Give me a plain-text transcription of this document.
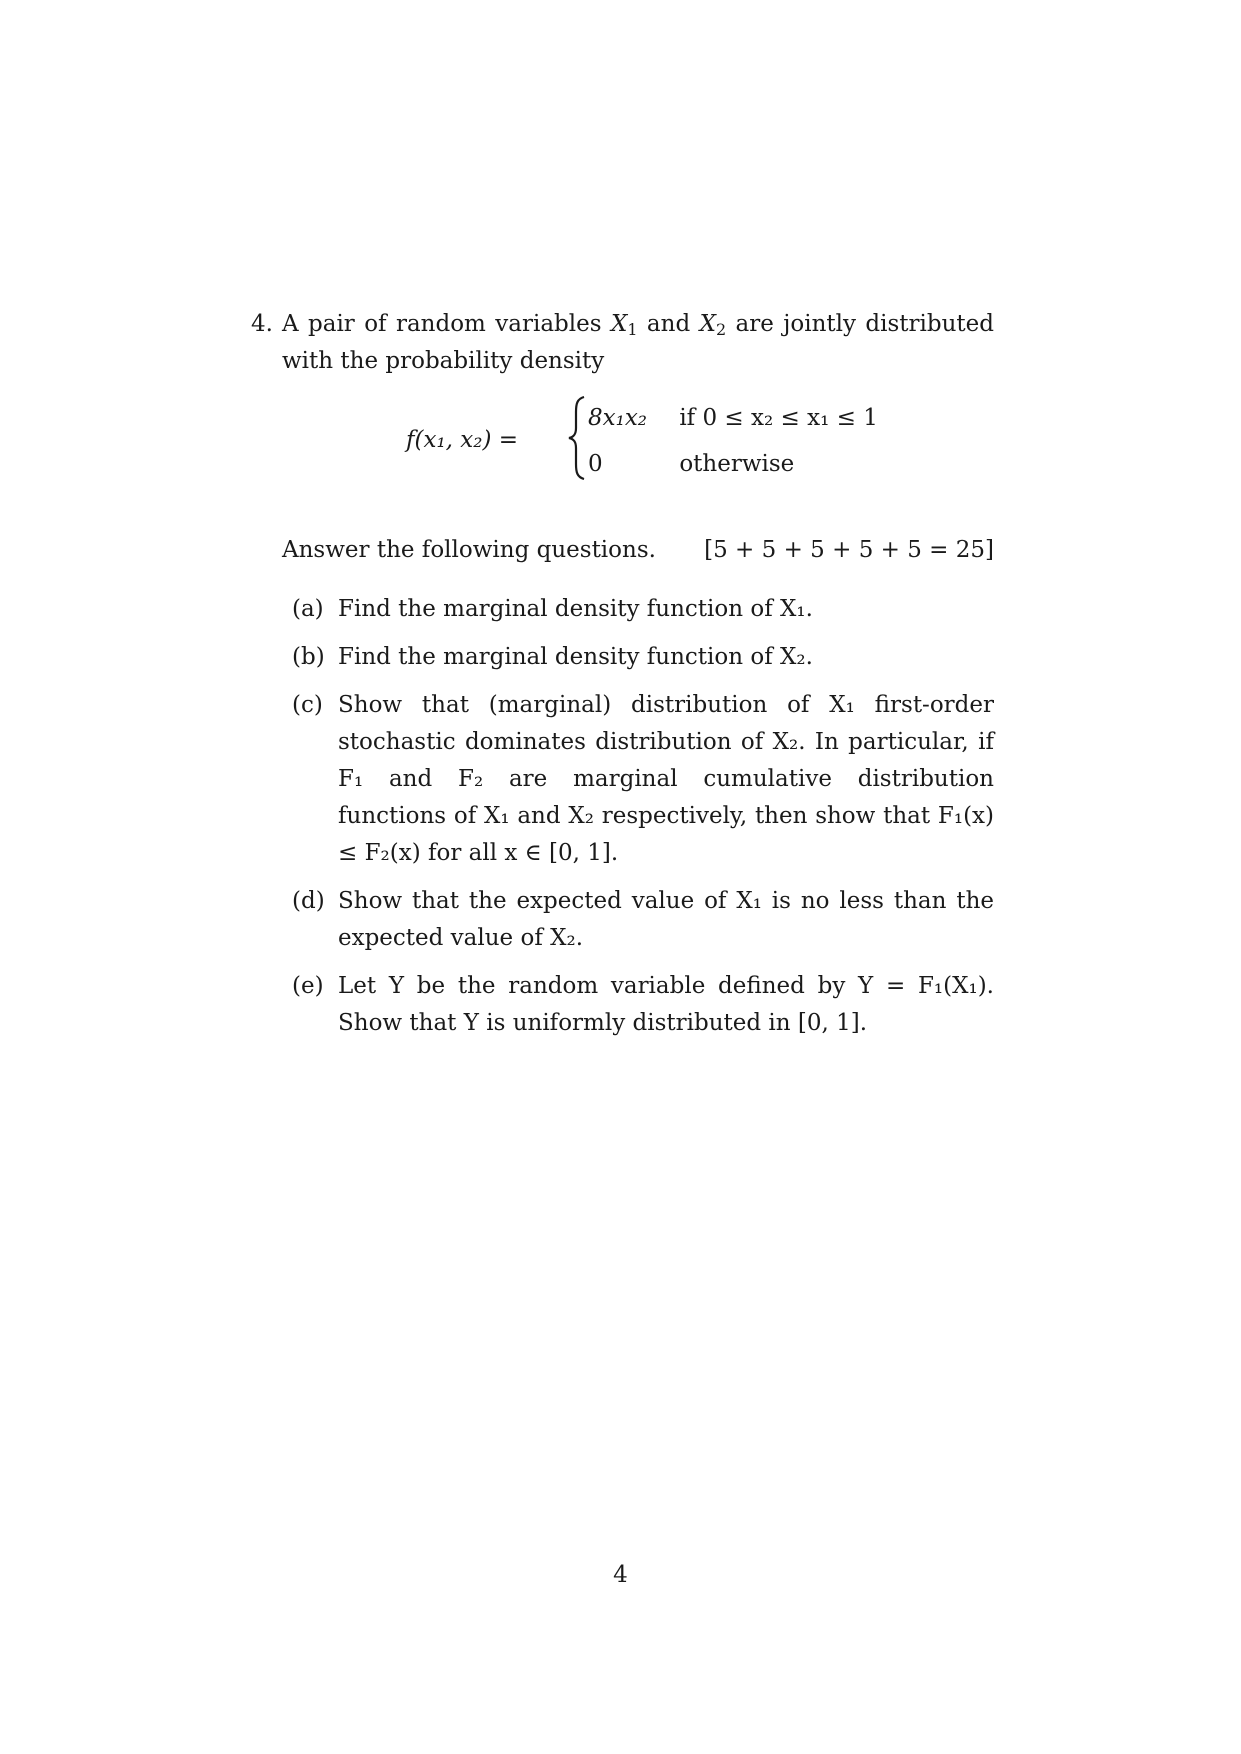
4. A pair of random variables $X_1$ and $X_2$ are jointly distributed with the probability density
f(x₁, x₂) =
8x₁x₂ if 0 ≤ x₂ ≤ x₁ ≤ 1
0	otherwise
Answer the following questions. [5 + 5 + 5 + 5 + 5 = 25]
(a) Find the marginal density function of X₁.
(b) Find the marginal density function of X₂.
(c) Show that (marginal) distribution of X₁ first-order stochastic dominates distribution of X₂. In particular, if F₁ and F₂ are marginal cumulative distribution functions of X₁ and X₂ respectively, then show that F₁(x) ≤ F₂(x) for all x ∈ [0, 1].
(d) Show that the expected value of X₁ is no less than the expected value of X₂.
(e) Let Y be the random variable defined by Y = F₁(X₁). Show that Y is uniformly distributed in [0, 1].
4
